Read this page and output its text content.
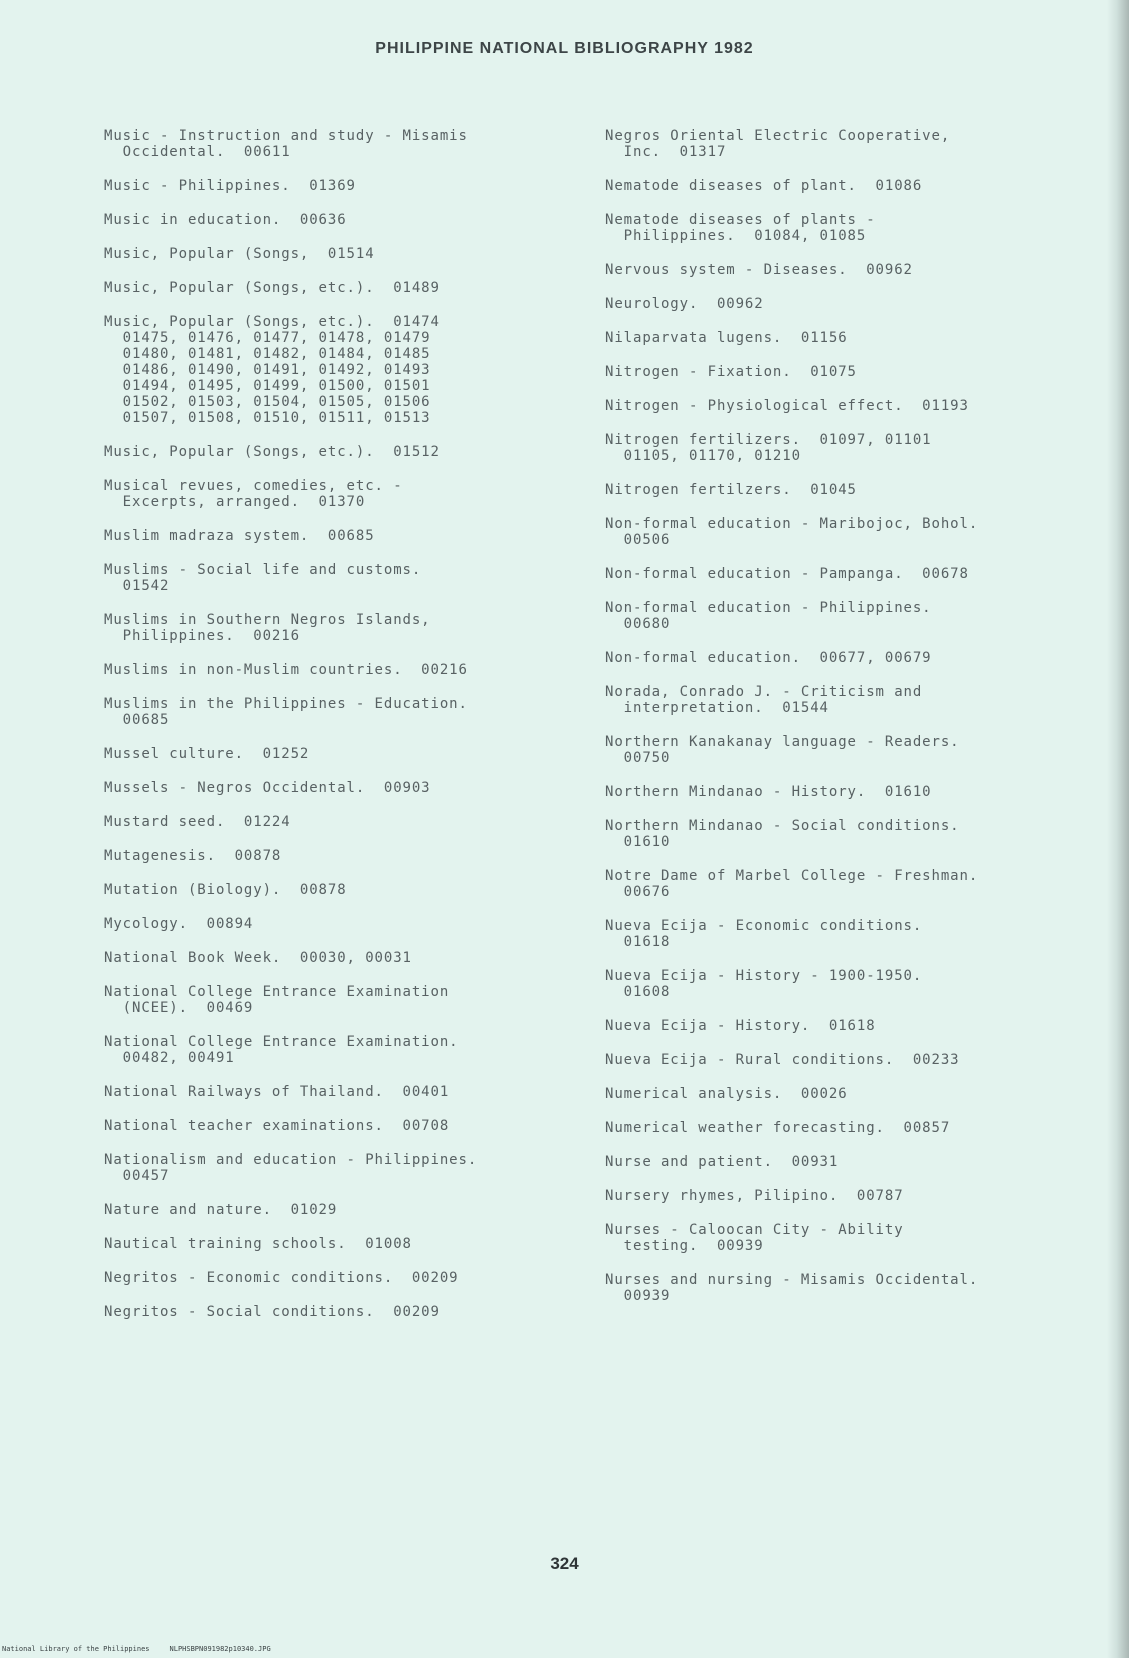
PHILIPPINE NATIONAL BIBLIOGRAPHY 1982

Music - Instruction and study - Misamis
Occidental.  00611

Music - Philippines.  01369

Music in education.  00636

Music, Popular (Songs,  01514

Music, Popular (Songs, etc.).  01489

Music, Popular (Songs, etc.).  01474
01475, 01476, 01477, 01478, 01479
01480, 01481, 01482, 01484, 01485
01486, 01490, 01491, 01492, 01493
01494, 01495, 01499, 01500, 01501
01502, 01503, 01504, 01505, 01506
01507, 01508, 01510, 01511, 01513

Music, Popular (Songs, etc.).  01512

Musical revues, comedies, etc. -
Excerpts, arranged.  01370

Muslim madraza system.  00685

Muslims - Social life and customs.
01542

Muslims in Southern Negros Islands,
Philippines.  00216

Muslims in non-Muslim countries.  00216

Muslims in the Philippines - Education.
00685

Mussel culture.  01252

Mussels - Negros Occidental.  00903

Mustard seed.  01224

Mutagenesis.  00878

Mutation (Biology).  00878

Mycology.  00894

National Book Week.  00030, 00031

National College Entrance Examination
(NCEE).  00469

National College Entrance Examination.
00482, 00491

National Railways of Thailand.  00401

National teacher examinations.  00708

Nationalism and education - Philippines.
00457

Nature and nature.  01029

Nautical training schools.  01008

Negritos - Economic conditions.  00209

Negritos - Social conditions.  00209

Negros Oriental Electric Cooperative,
Inc.  01317

Nematode diseases of plant.  01086

Nematode diseases of plants -
Philippines.  01084, 01085

Nervous system - Diseases.  00962

Neurology.  00962

Nilaparvata lugens.  01156

Nitrogen - Fixation.  01075

Nitrogen - Physiological effect.  01193

Nitrogen fertilizers.  01097, 01101
01105, 01170, 01210

Nitrogen fertilzers.  01045

Non-formal education - Maribojoc, Bohol.
00506

Non-formal education - Pampanga.  00678

Non-formal education - Philippines.
00680

Non-formal education.  00677, 00679

Norada, Conrado J. - Criticism and
interpretation.  01544

Northern Kanakanay language - Readers.
00750

Northern Mindanao - History.  01610

Northern Mindanao - Social conditions.
01610

Notre Dame of Marbel College - Freshman.
00676

Nueva Ecija - Economic conditions.
01618

Nueva Ecija - History - 1900-1950.
01608

Nueva Ecija - History.  01618

Nueva Ecija - Rural conditions.  00233

Numerical analysis.  00026

Numerical weather forecasting.  00857

Nurse and patient.  00931

Nursery rhymes, Pilipino.  00787

Nurses - Caloocan City - Ability
testing.  00939

Nurses and nursing - Misamis Occidental.
00939

324
National Library of the Philippines	NLPHSBPN091982p10340.JPG
